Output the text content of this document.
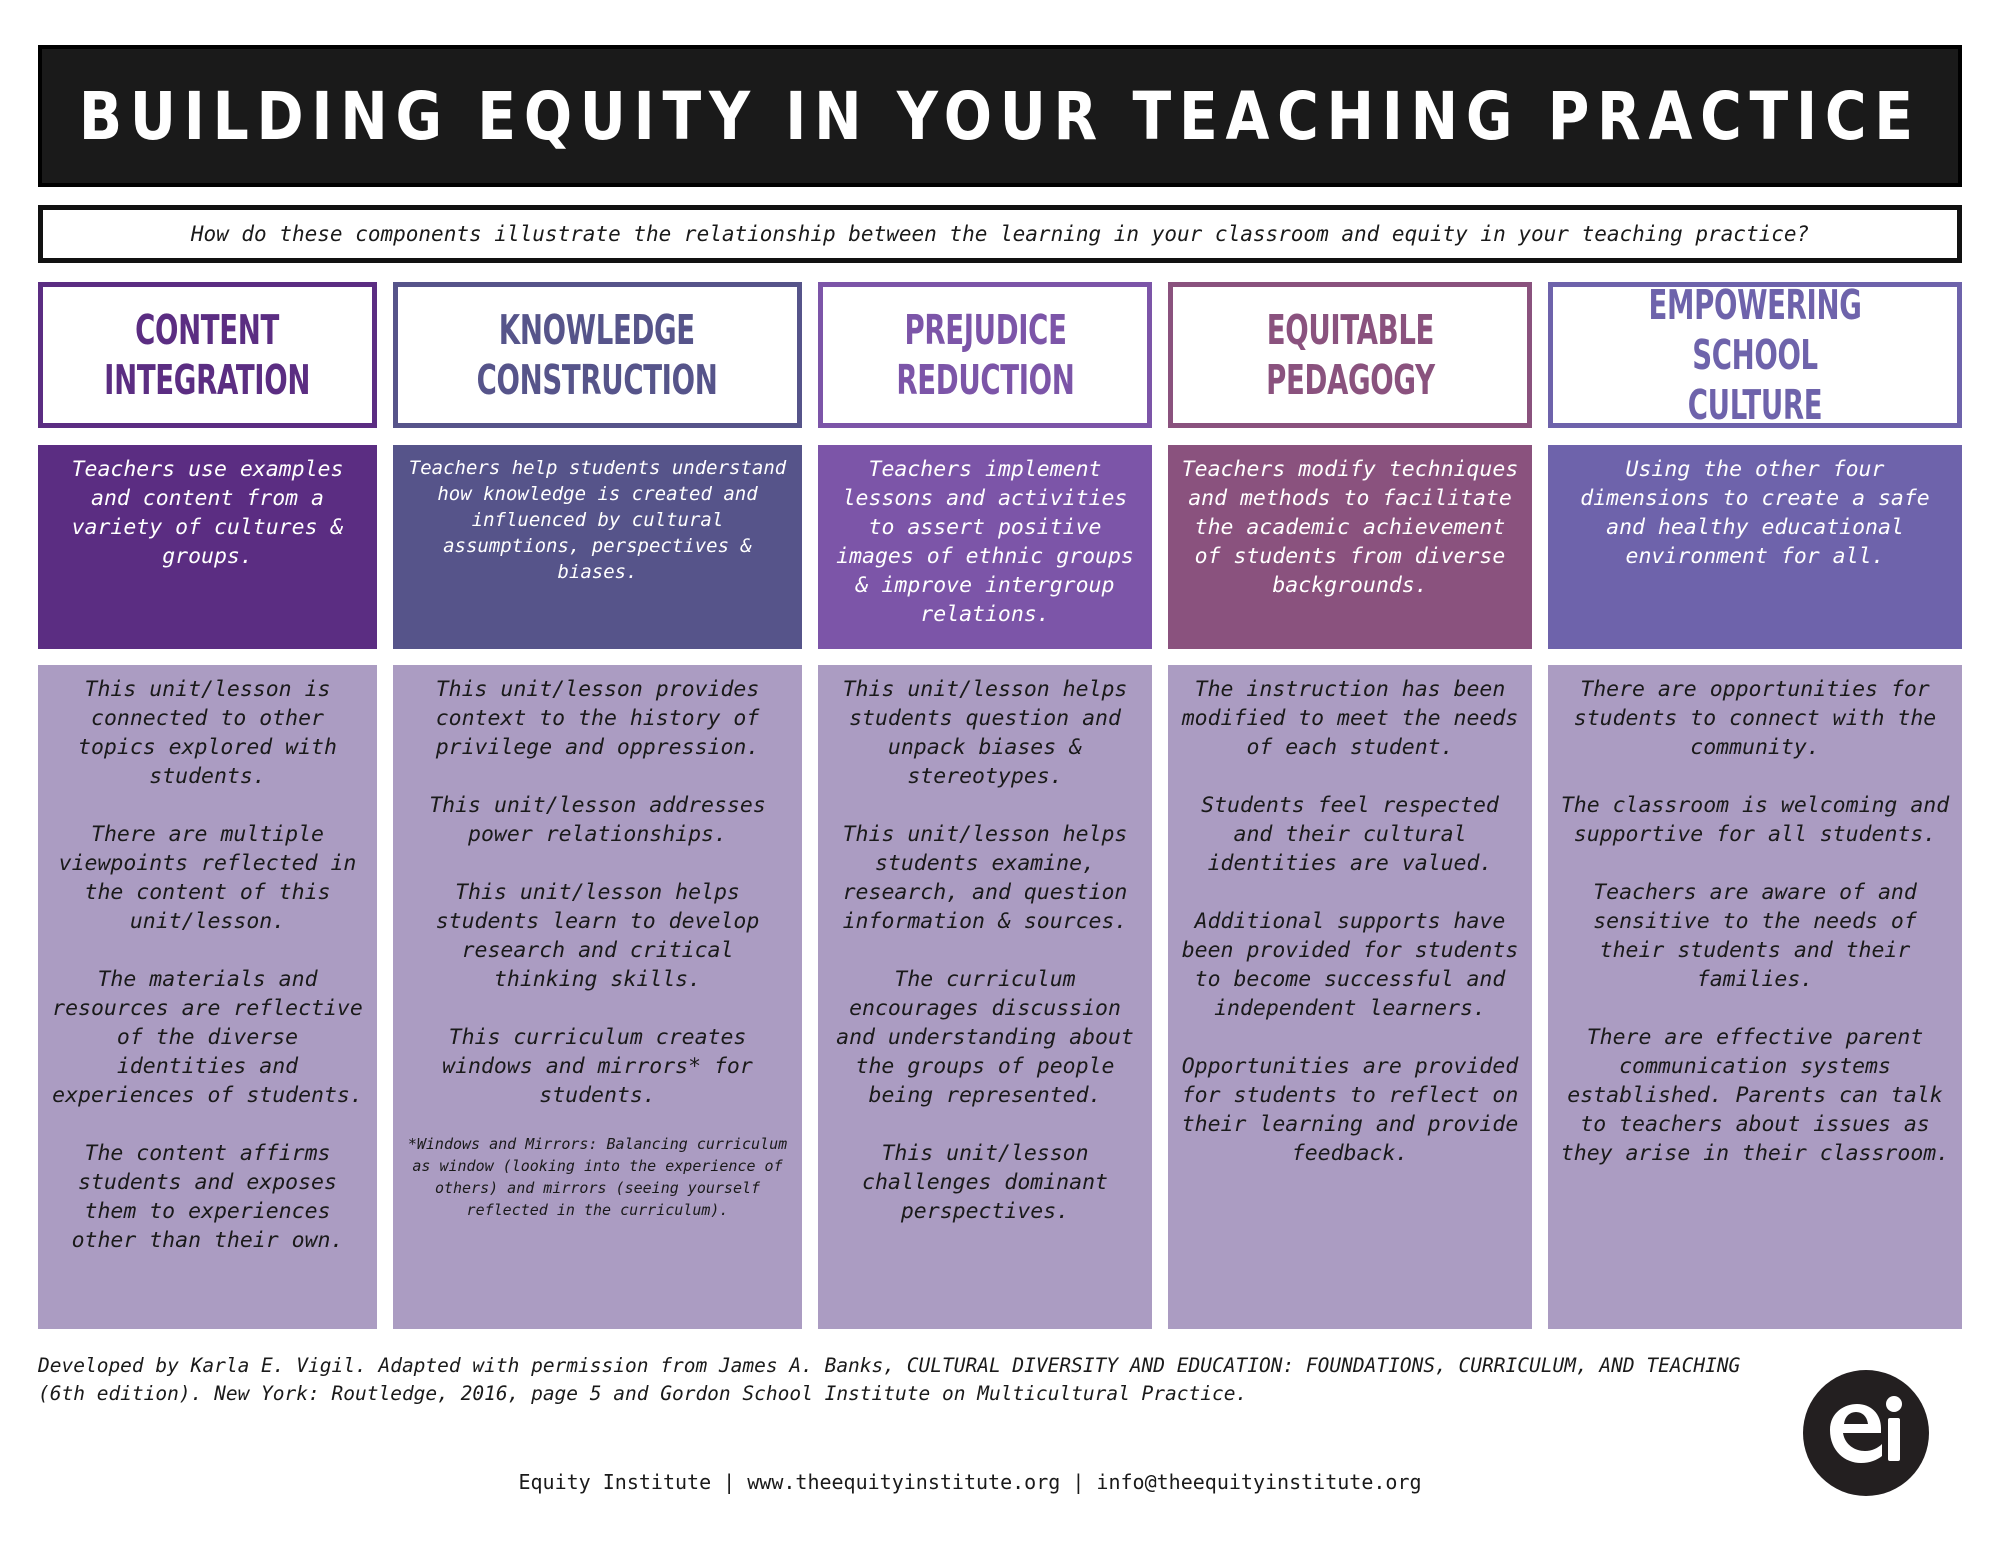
BUILDING EQUITY IN YOUR TEACHING PRACTICE
How do these components illustrate the relationship between the learning in your classroom and equity in your teaching practice?
CONTENT
INTEGRATION
Teachers use examples and content from a variety of cultures & groups.

This unit/lesson is connected to other topics explored with students.

There are multiple viewpoints reflected in the content of this unit/lesson.

The materials and resources are reflective of the diverse identities and experiences of students.

The content affirms students and exposes them to experiences other than their own.

KNOWLEDGE
CONSTRUCTION
Teachers help students understand how knowledge is created and influenced by cultural assumptions, perspectives & biases.

This unit/lesson provides context to the history of privilege and oppression.

This unit/lesson addresses power relationships.

This unit/lesson helps students learn to develop research and critical thinking skills.

This curriculum creates windows and mirrors* for students.

*Windows and Mirrors: Balancing curriculum as window (looking into the experience of others) and mirrors (seeing yourself reflected in the curriculum).

PREJUDICE
REDUCTION
Teachers implement lessons and activities to assert positive images of ethnic groups & improve intergroup relations.

This unit/lesson helps students question and unpack biases & stereotypes.

This unit/lesson helps students examine, research, and question information & sources.

The curriculum encourages discussion and understanding about the groups of people being represented.

This unit/lesson challenges dominant perspectives.

EQUITABLE
PEDAGOGY
Teachers modify techniques and methods to facilitate the academic achievement of students from diverse backgrounds.

The instruction has been modified to meet the needs of each student.

Students feel respected and their cultural identities are valued.

Additional supports have been provided for students to become successful and independent learners.

Opportunities are provided for students to reflect on their learning and provide feedback.

EMPOWERING SCHOOL
CULTURE
Using the other four dimensions to create a safe and healthy educational environment for all.

There are opportunities for students to connect with the community.

The classroom is welcoming and supportive for all students.

Teachers are aware of and sensitive to the needs of their students and their families.

There are effective parent communication systems established. Parents can talk to teachers about issues as they arise in their classroom.

Developed by Karla E. Vigil. Adapted with permission from James A. Banks, CULTURAL DIVERSITY AND EDUCATION: FOUNDATIONS, CURRICULUM, AND TEACHING (6th edition). New York: Routledge, 2016, page 5 and Gordon School Institute on Multicultural Practice.
Equity Institute | www.theequityinstitute.org | info@theequityinstitute.org
